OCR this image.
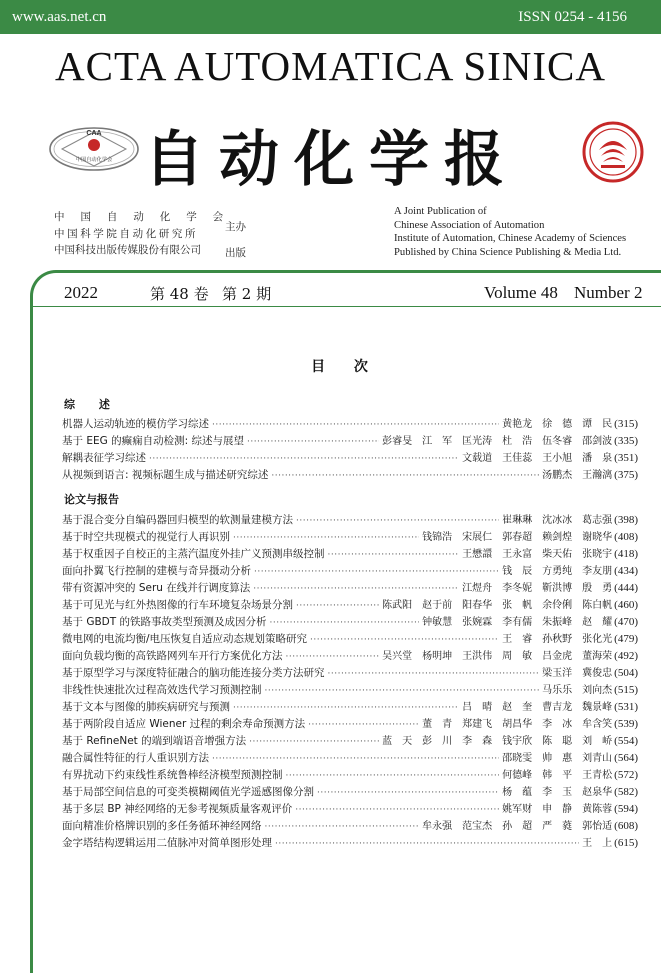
www.aas.net.cn	ISSN 0254 - 4156
ACTA AUTOMATICA SINICA
CAA
中国自动化学会 自动化学报
中 国 自 动 化 学 会
中国科学院自动化研究所
中国科技出版传媒股份有限公司
主办
出版
A Joint Publication of
Chinese Association of Automation
Institute of Automation, Chinese Academy of Sciences
Published by China Science Publishing & Media Ltd.
2022	第 48 卷 第 2 期	Volume 48 Number 2
目 次
综 述
机器人运动轨迹的模仿学习综述 ·····	黄艳龙　徐　德　谭　民 (315)
基于 EEG 的癫痫自动检测: 综述与展望 ·····	彭睿旻　江　军　匡光涛　杜　浩　伍冬睿　邵剑波 (335)
解耦表征学习综述 ·····	文载道　王佳蕊　王小旭　潘　泉 (351)
从视频到语言: 视频标题生成与描述研究综述 ·····	汤鹏杰　王瀚漓 (375)
论文与报告
基于混合变分自编码器回归模型的软测量建模方法 ·····	崔琳琳　沈冰冰　葛志强 (398)
基于时空共现模式的视觉行人再识别 ·····	钱锦浩　宋展仁　郭春超　赖剑煌　谢晓华 (408)
基于权重因子自校正的主蒸汽温度外挂广义预测串级控制 ·····	王懋譞　王永富　柴天佑　张晓宇 (418)
面向扑翼飞行控制的建模与奇异摄动分析 ·····	钱　辰　方勇纯　李友朋 (434)
带有资源冲突的 Seru 在线并行调度算法 ·····	江煜舟　李冬妮　靳洪博　殷　勇 (444)
基于可见光与红外热图像的行车环境复杂场景分割 ·····	陈武阳　赵于前　阳春华　张　帆　余伶俐　陈白帆 (460)
基于 GBDT 的铁路事故类型预测及成因分析 ·····	钟敏慧　张婉霖　李有儒　朱振峰　赵　耀 (470)
微电网的电流均衡/电压恢复自适应动态规划策略研究 ·····	王　睿　孙秋野　张化光 (479)
面向负载均衡的高铁路网列车开行方案优化方法 ·····	吴兴堂　杨明坤　王洪伟　周　敏　吕金虎　董海荣 (492)
基于原型学习与深度特征融合的脑功能连接分类方法研究 ·····	梁玉洋　冀俊忠 (504)
非线性快速批次过程高效迭代学习预测控制 ·····	马乐乐　刘向杰 (515)
基于文本与图像的肺疾病研究与预测 ·····	吕　晴　赵　奎　曹吉龙　魏景峰 (531)
基于两阶段自适应 Wiener 过程的剩余寿命预测方法 ·····	董　青　郑建飞　胡昌华　李　冰　牟含笑 (539)
基于 RefineNet 的端到端语音增强方法 ·····	蓝　天　彭　川　李　森　钱宇欣　陈　聪　刘　峤 (554)
融合属性特征的行人重识别方法 ·····	邵晓雯　帅　惠　刘青山 (564)
有界扰动下约束线性系统鲁棒经济模型预测控制 ·····	何德峰　韩　平　王青松 (572)
基于局部空间信息的可变类模糊阈值光学遥感图像分割 ·····	杨　蕴　李　玉　赵泉华 (582)
基于多层 BP 神经网络的无参考视频质量客观评价 ·····	姚军财　申　静　黄陈蓉 (594)
面向精准价格牌识别的多任务循环神经网络 ·····	牟永强　范宝杰　孙　超　严　蕤　郭怡适 (608)
金字塔结构逻辑运用二值脉冲对简单图形处理 ·····	王　上 (615)
